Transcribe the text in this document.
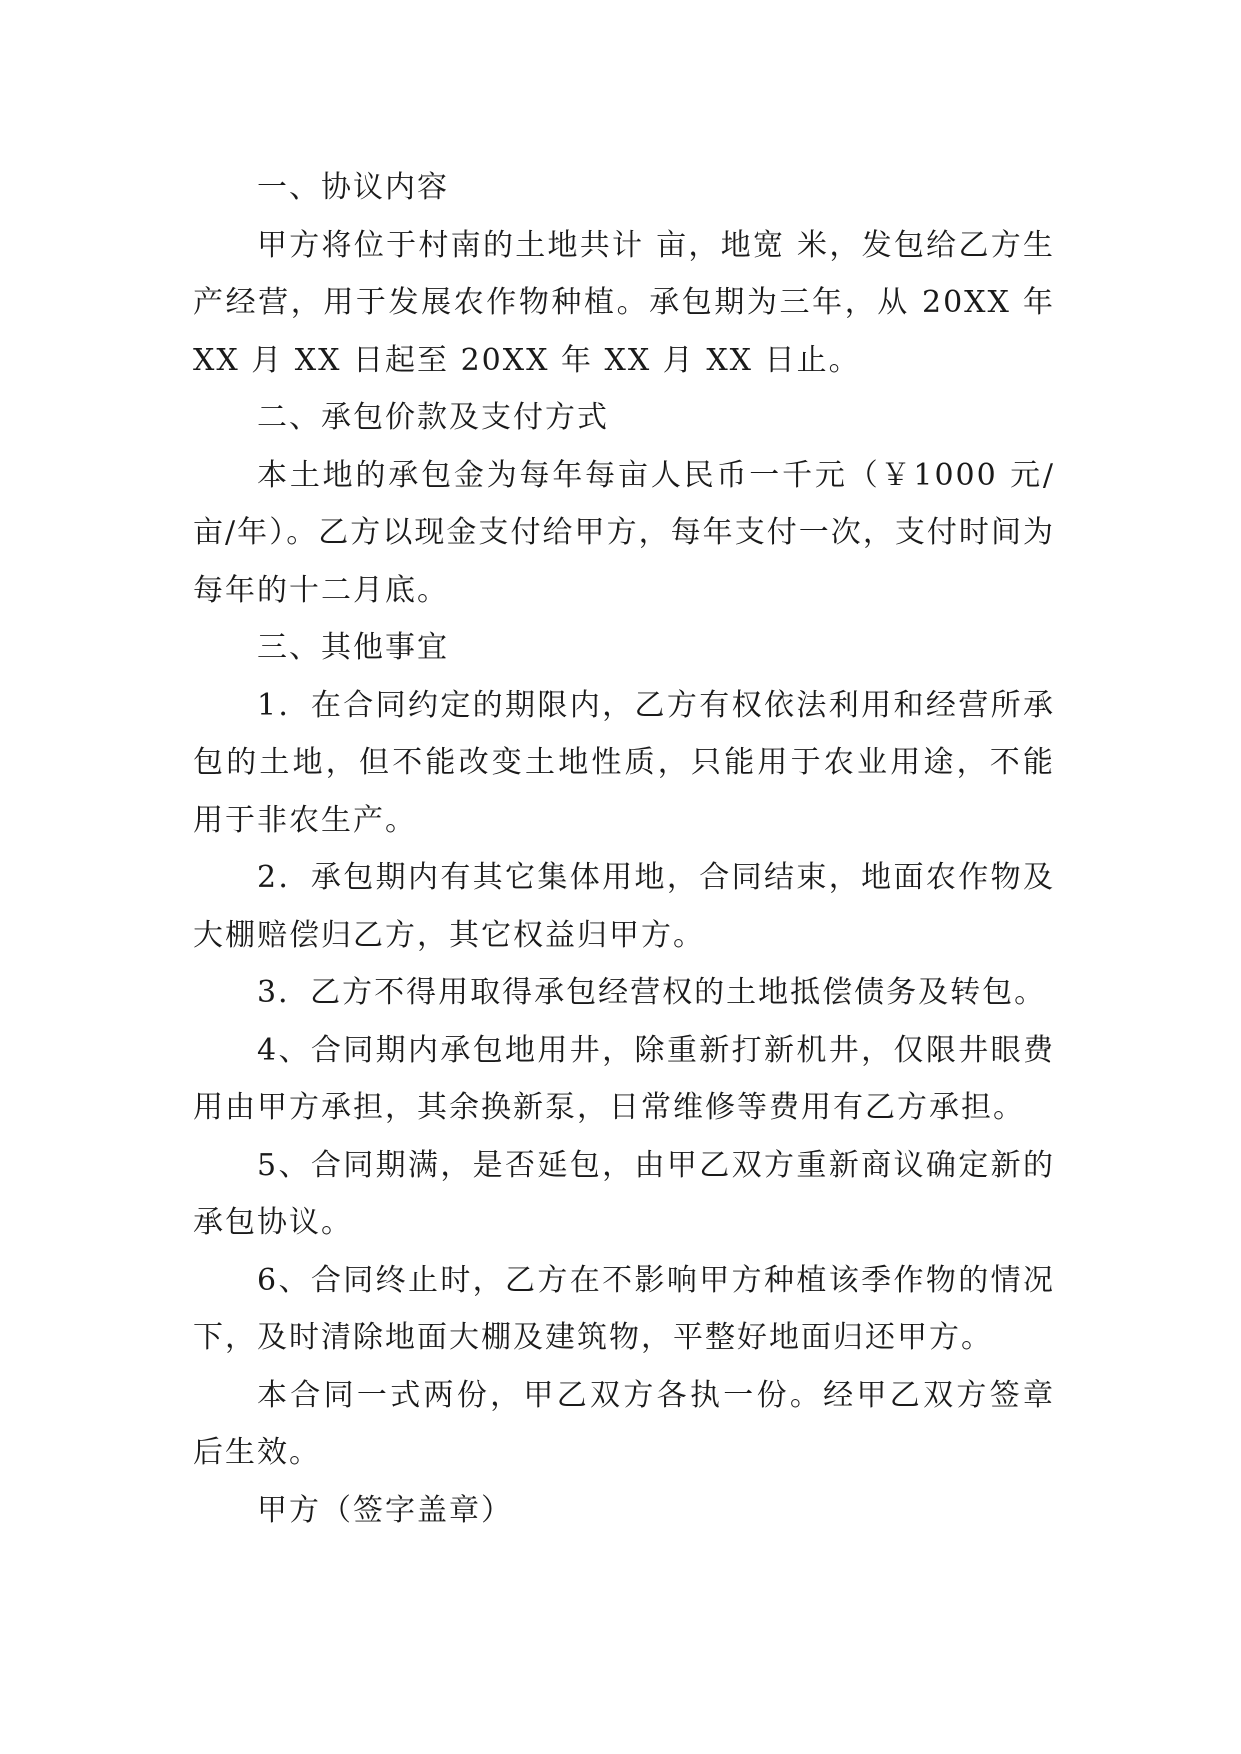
一、协议内容

甲方将位于村南的土地共计 亩，地宽 米，发包给乙方生产经营，用于发展农作物种植。承包期为三年，从 20XX 年 XX 月 XX 日起至 20XX 年 XX 月 XX 日止。

二、承包价款及支付方式

本土地的承包金为每年每亩人民币一千元（￥1000 元/亩/年）。乙方以现金支付给甲方，每年支付一次，支付时间为每年的十二月底。

三、其他事宜

1．在合同约定的期限内，乙方有权依法利用和经营所承包的土地，但不能改变土地性质，只能用于农业用途，不能用于非农生产。

2．承包期内有其它集体用地，合同结束，地面农作物及大棚赔偿归乙方，其它权益归甲方。

3．乙方不得用取得承包经营权的土地抵偿债务及转包。

4、合同期内承包地用井，除重新打新机井，仅限井眼费用由甲方承担，其余换新泵，日常维修等费用有乙方承担。

5、合同期满，是否延包，由甲乙双方重新商议确定新的承包协议。

6、合同终止时，乙方在不影响甲方种植该季作物的情况下，及时清除地面大棚及建筑物，平整好地面归还甲方。

本合同一式两份，甲乙双方各执一份。经甲乙双方签章后生效。

甲方（签字盖章）
